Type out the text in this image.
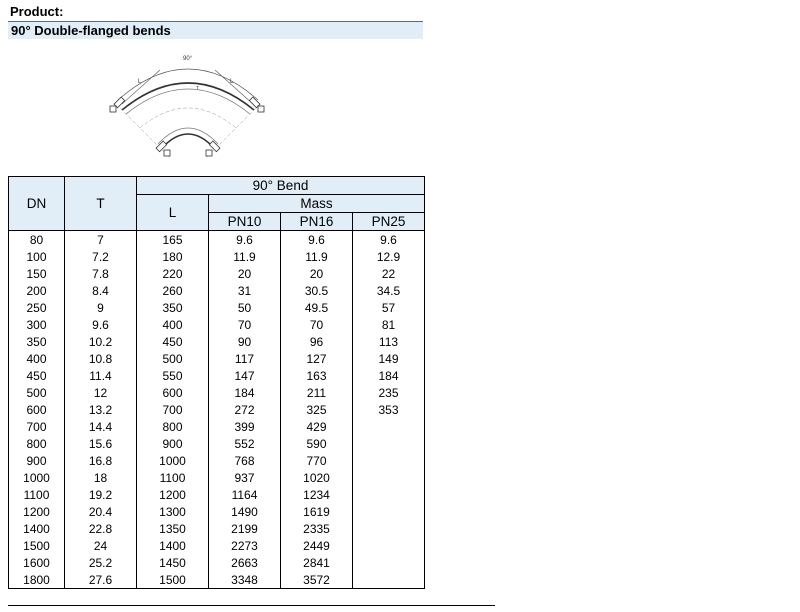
Product:
90° Double-flanged bends
90°
L	L
T
DN	T	90° Bend			
		L	Mass		
			PN10	PN16	PN25
80	7	165	9.6	9.6	9.6
100	7.2	180	11.9	11.9	12.9
150	7.8	220	20	20	22
200	8.4	260	31	30.5	34.5
250	9	350	50	49.5	57
300	9.6	400	70	70	81
350	10.2	450	90	96	113
400	10.8	500	117	127	149
450	11.4	550	147	163	184
500	12	600	184	211	235
600	13.2	700	272	325	353
700	14.4	800	399	429	
800	15.6	900	552	590	
900	16.8	1000	768	770	
1000	18	1100	937	1020	
1100	19.2	1200	1164	1234	
1200	20.4	1300	1490	1619	
1400	22.8	1350	2199	2335	
1500	24	1400	2273	2449	
1600	25.2	1450	2663	2841	
1800	27.6	1500	3348	3572	
